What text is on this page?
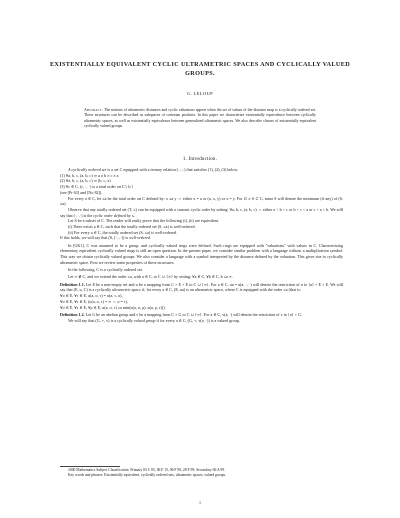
EXISTENTIALLY EQUIVALENT CYCLIC ULTRAMETRIC SPACES AND CYCLICALLY VALUED GROUPS.
G. LELOUP
Abstract. The notions of ultrametric distances and cyclic valuations appear when the set of values of the distance map is a cyclically ordered set. These structures can be described as subspaces of cartesian products. In this paper we characterize existentially equivalence between cyclically ultrametric spaces, as well as existentially equivalence between generalized ultrametric spaces. We also describe classes of existentially equivalent cyclically valued groups.
1. Introduction.

A cyclically ordered set is a set C equipped with a ternary relation (·,·,·) that satisfies (1), (2), (3) below.

(1) ∀a, b, c, (a, b, c) ⇒ a ≠ b ≠ c ≠ a

(2) ∀a, b, c, (a, b, c) ⇒ (b, c, a)

(3) ∀c ∈ C, (c, ·, ·) is a total order on C∖{c}

(see [Pr 63] and [No 82]).

For every a ∈ C, let ≤a be the total order on C defined by: x ≤a y ⇔ either x = a or (a, x, y) or x = y. For ∅ ≠ S ⊂ C, mina S will denote the minimum (if any) of (S, ≤a).

Observe that any totally ordered set (T, ≤) can be equipped with a canonic cyclic order by setting: ∀a, b, c, (a, b, c) ⇔ either a < b < c or b < c < a or c < a < b. We will say that (·,·,·) is the cyclic order defined by ≤.

Let S be a subset of C. The reader will easily prove that the following (i), (ii) are equivalent.

(i) There exists a ∈ C, such that the totally ordered set (S, ≤a) is well-ordered.

(ii) For every a ∈ C, the totally ordered set (S, ≤a) is well-ordered.

If this holds, we will say that (S, (·,·,·)) is well-ordered.

In [GK1], C was assumed to be a group, and cyclically valued rings were defined. Such rings are equipped with "valuations" with values in C. Characterizing elementary equivalent cyclically valued rings is still an open question. In the present paper, we consider similar problem with a language without a multiplication symbol. This way we obtain cyclically valued groups. We also consider a language with a symbol interpreted by the distance defined by the valuation. This gives rise to cyclically ultrametric space. First we review some properties of these structures.

In the following, C is a cyclically ordered set.

Let ∞ ∉ C, and we extend the order ≤a, with a ∈ C, to C ∪ {∞} by setting: ∀a ∈ C, ∀b ∈ C, b ≤a ∞.

Definition 1.1. Let E be a non-empty set and u be a mapping from C × E × E to C ∪ {∞}. For a ∈ C, ua = u(a, ·, ·) will denote the restriction of u to {a} × E × E. We will say that (E, u, C) is a cyclically ultrametric space if, for every a ∈ C, (E, ua) is an ultrametric space, where C is equipped with the order ≤a (that is:

∀σ ∈ E, ∀τ ∈ E, u(a, σ, τ) = u(a, τ, σ),

∀σ ∈ E, ∀τ ∈ E, (u(a, σ, τ) = ∞ ⇔ σ = τ),

∀σ ∈ E, ∀τ ∈ E, ∀ρ ∈ E, u(a, σ, τ) ≥a min(u(a, σ, ρ), u(a, ρ, τ))).

Definition 1.2. Let G be an abelian group and v be a mapping from C × G to C ∪ {∞}. For a ∈ C, v(a, ·) will denote the restriction of v to {a} × G.

We will say that (G, +, v) is a cyclically valued group if for every a ∈ C, (G, +, v(a, ·)) is a valued group,

2000 Mathematics Subject Classification. Primary 03 C 05, 06 F 15, 06 F 99, 28 F 99; Secondary 06 A 99.

Key words and phrases. Existentially equivalent, cyclically ordered sets, ultrametric spaces, valued groups.

1
